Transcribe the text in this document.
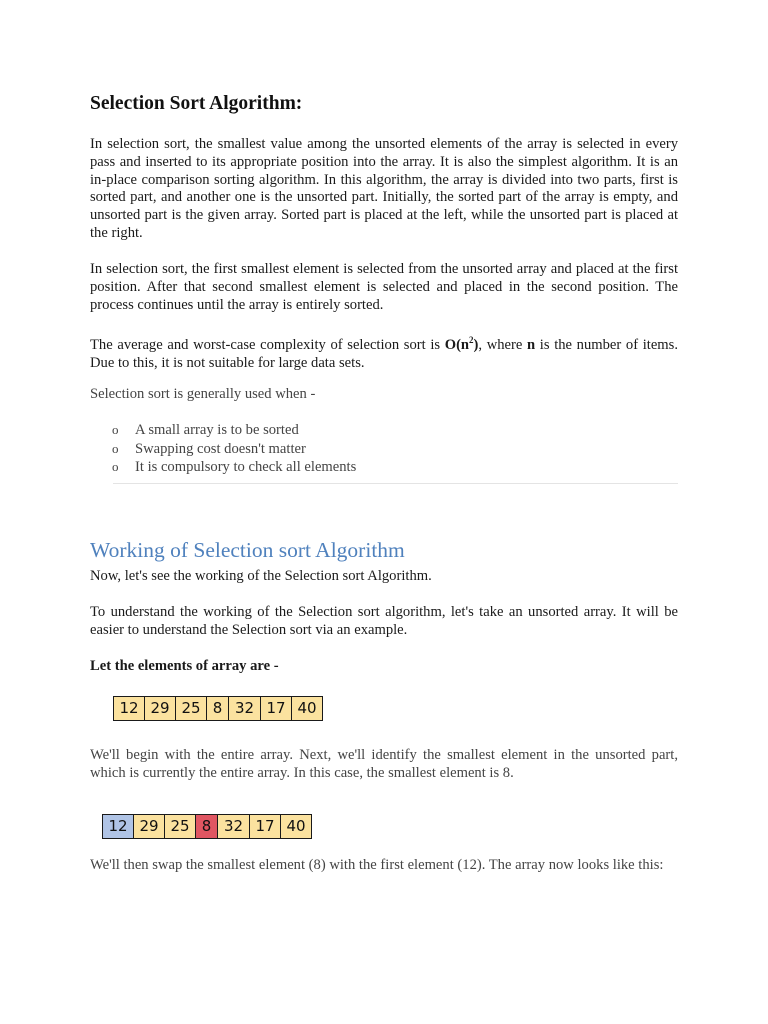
Selection Sort Algorithm:

In selection sort, the smallest value among the unsorted elements of the array is selected in every pass and inserted to its appropriate position into the array. It is also the simplest algorithm. It is an in-place comparison sorting algorithm. In this algorithm, the array is divided into two parts, first is sorted part, and another one is the unsorted part. Initially, the sorted part of the array is empty, and unsorted part is the given array. Sorted part is placed at the left, while the unsorted part is placed at the right.

In selection sort, the first smallest element is selected from the unsorted array and placed at the first position. After that second smallest element is selected and placed in the second position. The process continues until the array is entirely sorted.

The average and worst-case complexity of selection sort is $O(n^2)$, where n is the number of items. Due to this, it is not suitable for large data sets.

Selection sort is generally used when -

o A small array is to be sorted
o Swapping cost doesn't matter
o It is compulsory to check all elements
Working of Selection sort Algorithm

Now, let's see the working of the Selection sort Algorithm.

To understand the working of the Selection sort algorithm, let's take an unsorted array. It will be easier to understand the Selection sort via an example.

Let the elements of array are -

12 29 25 8 32 17 40

We'll begin with the entire array. Next, we'll identify the smallest element in the unsorted part, which is currently the entire array. In this case, the smallest element is 8.

12 29 25 8 32 17 40

We'll then swap the smallest element (8) with the first element (12). The array now looks like this:
